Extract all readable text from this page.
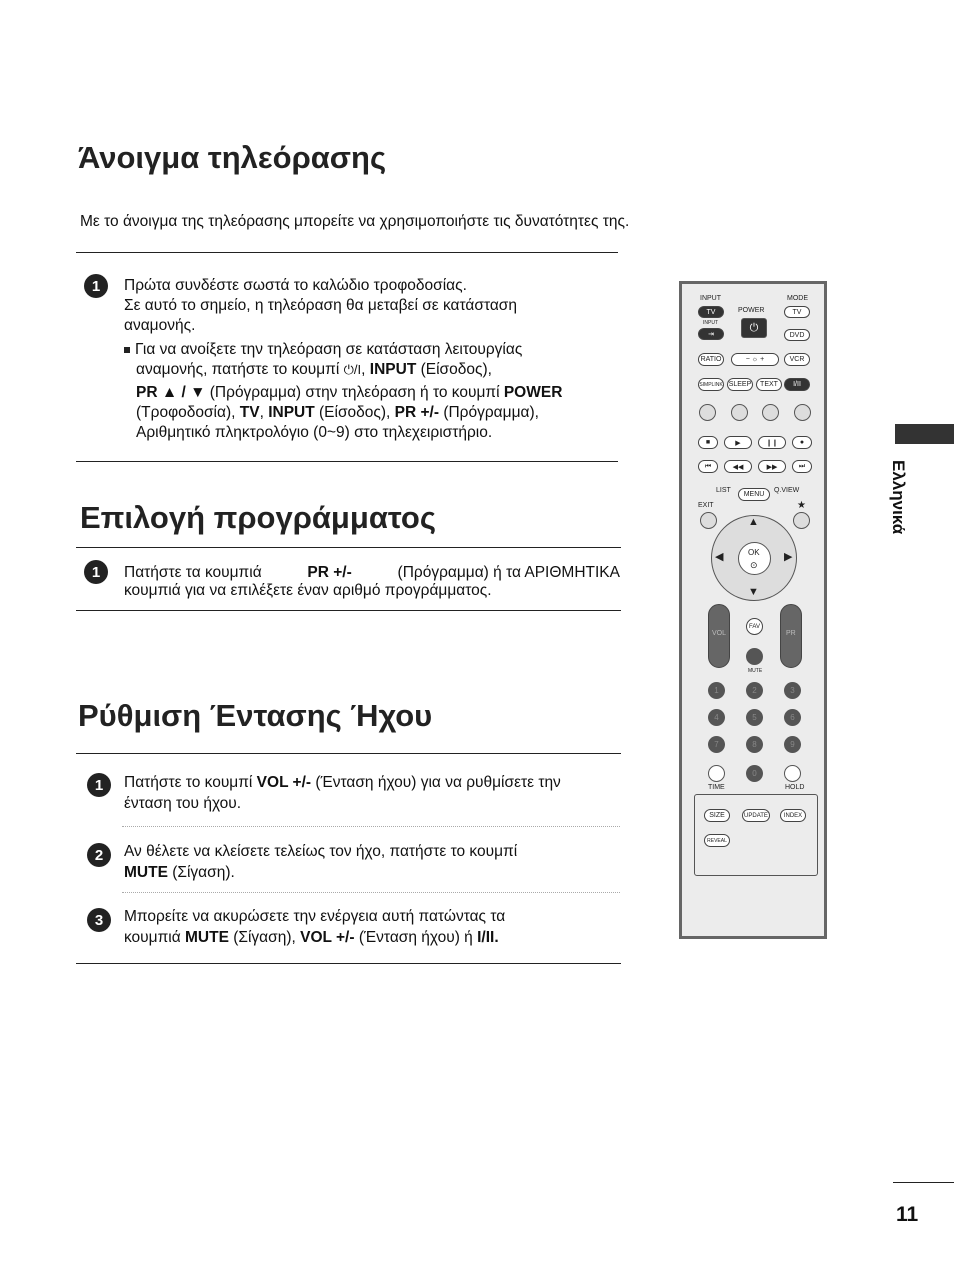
Άνοιγμα τηλεόρασης
Με το άνοιγμα της τηλεόρασης μπορείτε να χρησιμοποιήστε τις δυνατότητες της.
1	Πρώτα συνδέστε σωστά το καλώδιο τροφοδοσίας.
Σε αυτό το σημείο, η τηλεόραση θα μεταβεί σε κατάσταση
αναμονής.
Για να ανοίξετε την τηλεόραση σε κατάσταση λειτουργίας
αναμονής, πατήστε το κουμπί ⏻/I, INPUT (Είσοδος),
PR ▲ / ▼ (Πρόγραμμα) στην τηλεόραση ή το κουμπί POWER
(Τροφοδοσία), TV, INPUT (Είσοδος), PR +/- (Πρόγραμμα),
Αριθμητικό πληκτρολόγιο (0~9) στο τηλεχειριστήριο.
Επιλογή προγράμματος
1	Πατήστε τα κουμπιά	PR +/-	(Πρόγραμμα) ή τα ΑΡΙΘΜΗΤΙΚΑ
κουμπιά για να επιλέξετε έναν αριθμό προγράμματος.
Ρύθμιση Έντασης Ήχου
1	Πατήστε το κουμπί VOL +/- (Ένταση ήχου) για να ρυθμίσετε την
ένταση του ήχου.
2	Αν θέλετε να κλείσετε τελείως τον ήχο, πατήστε το κουμπί
MUTE (Σίγαση).
3	Μπορείτε να ακυρώσετε την ενέργεια αυτή πατώντας τα
κουμπιά MUTE (Σίγαση), VOL +/- (Ένταση ήχου) ή I/II.
Ελληνικά
11
INPUT	MODE
POWER
TV	TV
⏻
INPUT
⇥	DVD
RATIO	− ☼ +	VCR
SIMPLINK SLEEP	TEXT	I/II
■	▶	❙❙	●
⏮	◀◀	▶▶	⏭
LIST	Q.VIEW
MENU
EXIT	★
▲
▼
◀	▶
OK
⊙
VOL	PR
FAV
MUTE
1	2	3
4	5	6
7	8	9
0
TIME	HOLD
SIZE	UPDATE	INDEX
REVEAL
